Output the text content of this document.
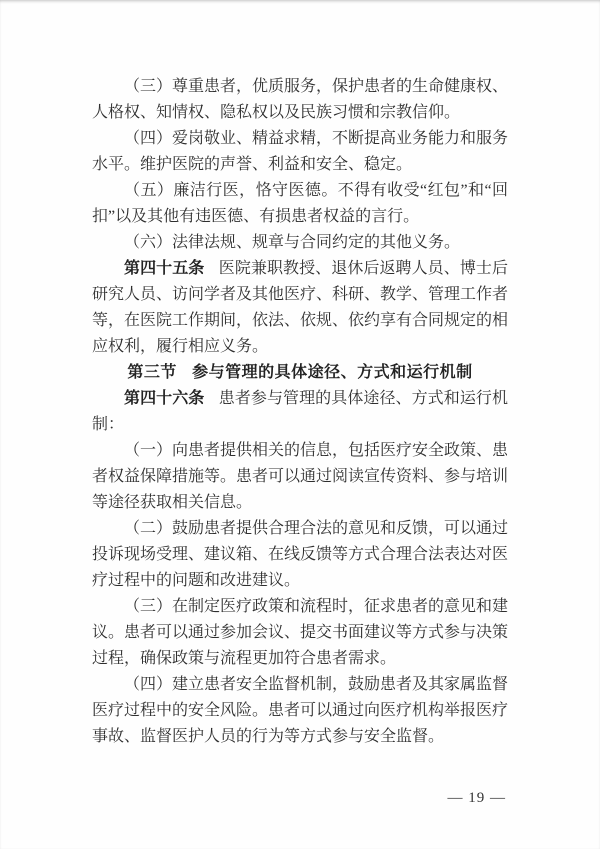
（三）尊重患者，优质服务，保护患者的生命健康权、人格权、知情权、隐私权以及民族习惯和宗教信仰。

（四）爱岗敬业、精益求精，不断提高业务能力和服务水平。维护医院的声誉、利益和安全、稳定。

（五）廉洁行医，恪守医德。不得有收受“红包”和“回扣”以及其他有违医德、有损患者权益的言行。

（六）法律法规、规章与合同约定的其他义务。

第四十五条 医院兼职教授、退休后返聘人员、博士后研究人员、访问学者及其他医疗、科研、教学、管理工作者等，在医院工作期间，依法、依规、依约享有合同规定的相应权利，履行相应义务。

第三节 参与管理的具体途径、方式和运行机制

第四十六条 患者参与管理的具体途径、方式和运行机制：

（一）向患者提供相关的信息，包括医疗安全政策、患者权益保障措施等。患者可以通过阅读宣传资料、参与培训等途径获取相关信息。

（二）鼓励患者提供合理合法的意见和反馈，可以通过投诉现场受理、建议箱、在线反馈等方式合理合法表达对医疗过程中的问题和改进建议。

（三）在制定医疗政策和流程时，征求患者的意见和建议。患者可以通过参加会议、提交书面建议等方式参与决策过程，确保政策与流程更加符合患者需求。

（四）建立患者安全监督机制，鼓励患者及其家属监督医疗过程中的安全风险。患者可以通过向医疗机构举报医疗事故、监督医护人员的行为等方式参与安全监督。

— 19 —
